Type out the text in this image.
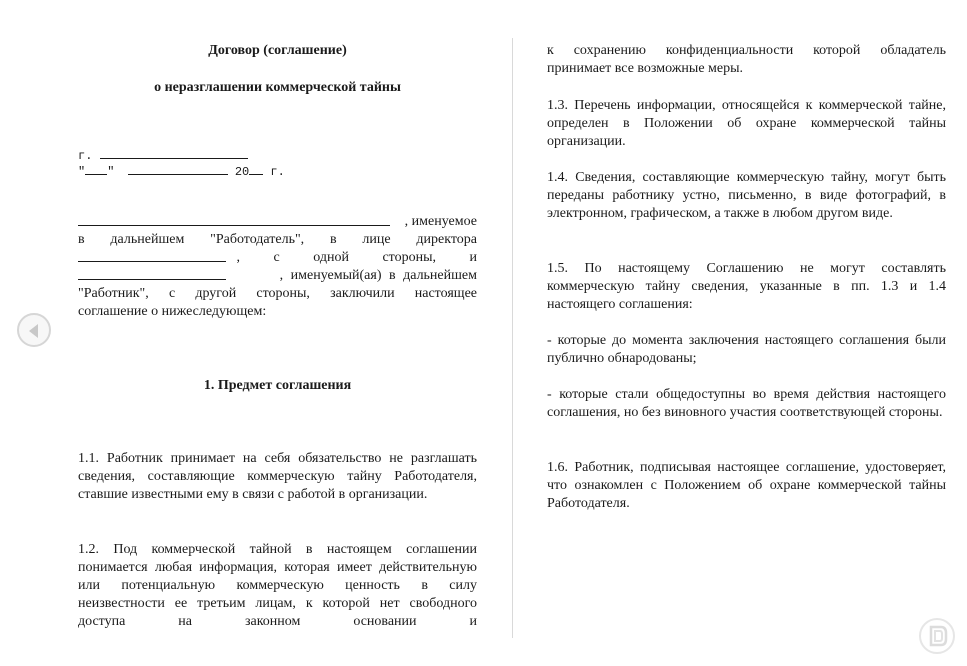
Договор (соглашение)

о неразглашении коммерческой тайны

г.
" "	20 г.
, именуемое
в дальнейшем "Работодатель", в лице директора
, с одной стороны, и
, именуемый(ая) в дальнейшем
"Работник", с другой стороны, заключили настоящее
соглашение о нижеследующем:

1. Предмет соглашения

1.1. Работник принимает на себя обязательство не разглашать сведения, составляющие коммерческую тайну Работодателя, ставшие известными ему в связи с работой в организации.

1.2. Под коммерческой тайной в настоящем соглашении понимается любая информация, которая имеет действительную или потенциальную коммерческую ценность в силу неизвестности ее третьим лицам, к которой нет свободного доступа на законном основании и

к сохранению конфиденциальности которой обладатель принимает все возможные меры.

1.3. Перечень информации, относящейся к коммерческой тайне, определен в Положении об охране коммерческой тайны организации.

1.4. Сведения, составляющие коммерческую тайну, могут быть переданы работнику устно, письменно, в виде фотографий, в электронном, графическом, а также в любом другом виде.

1.5. По настоящему Соглашению не могут составлять коммерческую тайну сведения, указанные в пп. 1.3 и 1.4 настоящего соглашения:

- которые до момента заключения настоящего соглашения были публично обнародованы;

- которые стали общедоступны во время действия настоящего соглашения, но без виновного участия соответствующей стороны.

1.6. Работник, подписывая настоящее соглашение, удостоверяет, что ознакомлен с Положением об охране коммерческой тайны Работодателя.
